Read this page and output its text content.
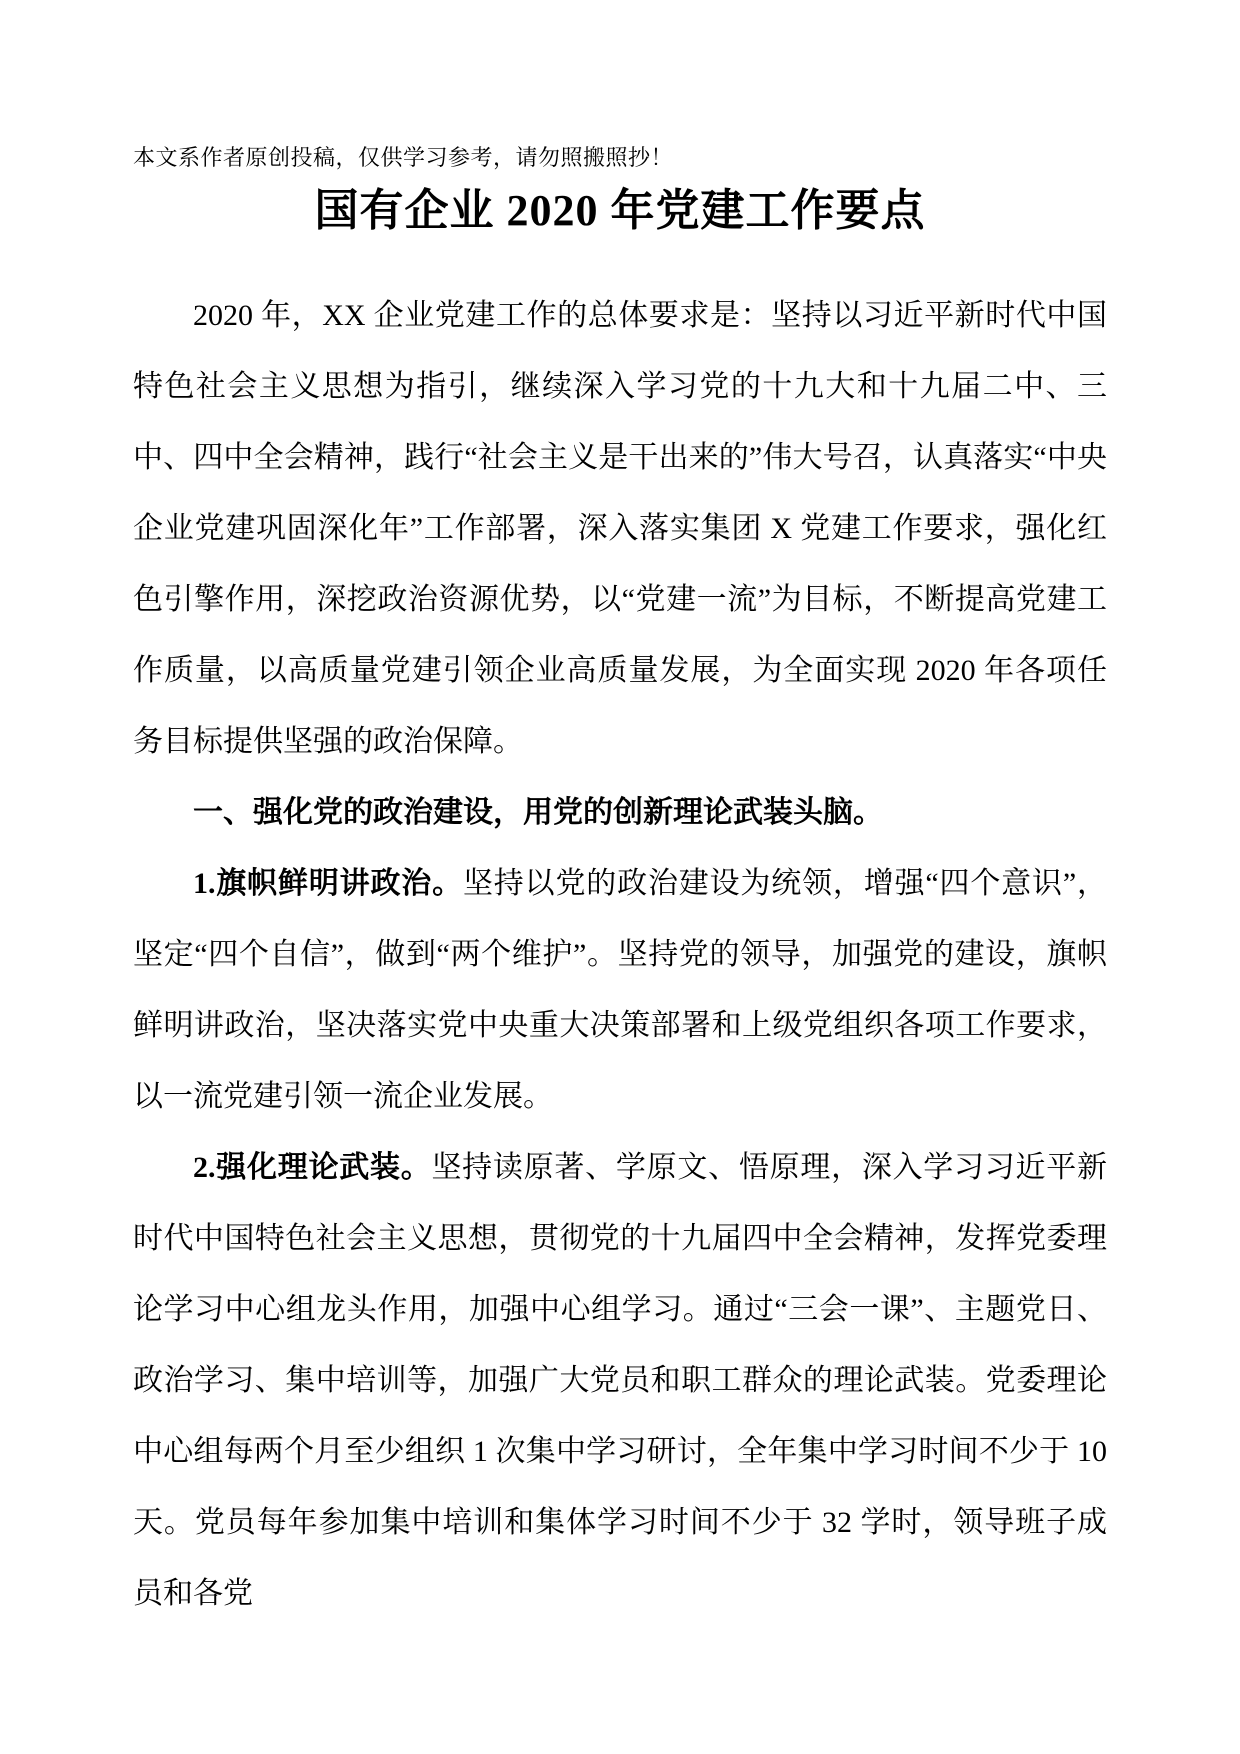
本文系作者原创投稿，仅供学习参考，请勿照搬照抄！

国有企业 2020 年党建工作要点

2020 年，XX 企业党建工作的总体要求是：坚持以习近平新时代中国特色社会主义思想为指引，继续深入学习党的十九大和十九届二中、三中、四中全会精神，践行“社会主义是干出来的”伟大号召，认真落实“中央企业党建巩固深化年”工作部署，深入落实集团 X 党建工作要求，强化红色引擎作用，深挖政治资源优势，以“党建一流”为目标，不断提高党建工作质量，以高质量党建引领企业高质量发展，为全面实现 2020 年各项任务目标提供坚强的政治保障。

一、强化党的政治建设，用党的创新理论武装头脑。

1.旗帜鲜明讲政治。坚持以党的政治建设为统领，增强“四个意识”，坚定“四个自信”，做到“两个维护”。坚持党的领导，加强党的建设，旗帜鲜明讲政治，坚决落实党中央重大决策部署和上级党组织各项工作要求，以一流党建引领一流企业发展。

2.强化理论武装。坚持读原著、学原文、悟原理，深入学习习近平新时代中国特色社会主义思想，贯彻党的十九届四中全会精神，发挥党委理论学习中心组龙头作用，加强中心组学习。通过“三会一课”、主题党日、政治学习、集中培训等，加强广大党员和职工群众的理论武装。党委理论中心组每两个月至少组织 1 次集中学习研讨，全年集中学习时间不少于 10 天。党员每年参加集中培训和集体学习时间不少于 32 学时，领导班子成员和各党
